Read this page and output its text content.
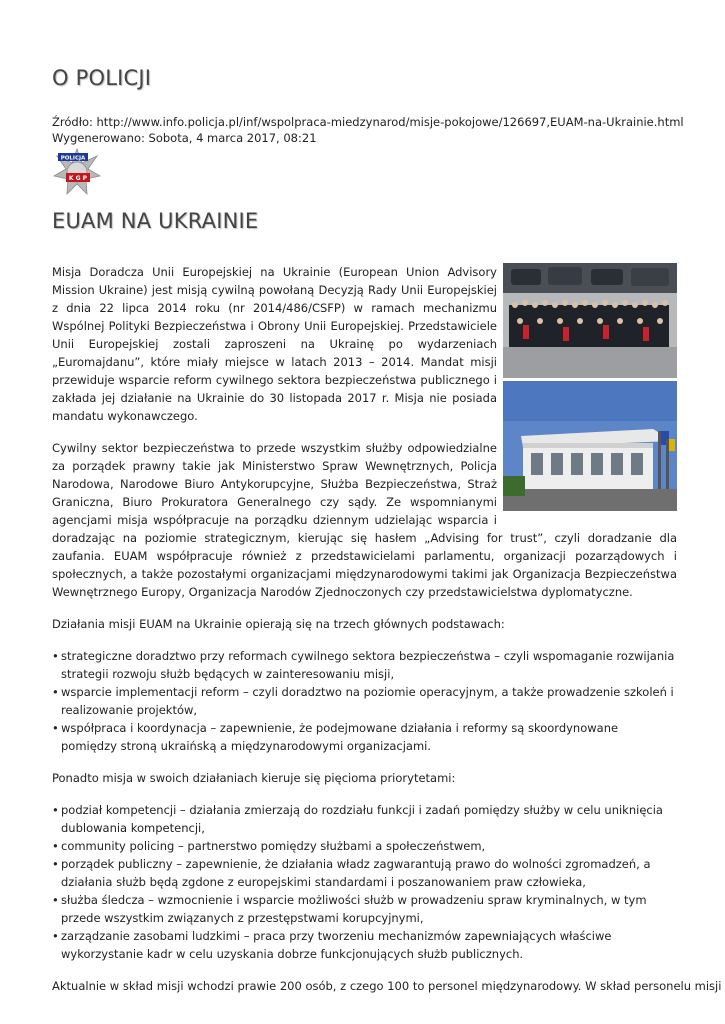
O POLICJI
Źródło: http://www.info.policja.pl/inf/wspolpraca-miedzynarod/misje-pokojowe/126697,EUAM-na-Ukrainie.html
Wygenerowano: Sobota, 4 marca 2017, 08:21
POLICJA
K G P
EUAM NA UKRAINIE

Misja Doradcza Unii Europejskiej na Ukrainie (European Union Advisory Mission Ukraine) jest misją cywilną powołaną Decyzją Rady Unii Europejskiej z dnia 22 lipca 2014 roku (nr 2014/486/CSFP) w ramach mechanizmu Wspólnej Polityki Bezpieczeństwa i Obrony Unii Europejskiej. Przedstawiciele Unii Europejskiej zostali zaproszeni na Ukrainę po wydarzeniach „Euromajdanu”, które miały miejsce w latach 2013 – 2014. Mandat misji przewiduje wsparcie reform cywilnego sektora bezpieczeństwa publicznego i zakłada jej działanie na Ukrainie do 30 listopada 2017 r. Misja nie posiada mandatu wykonawczego.

Cywilny sektor bezpieczeństwa to przede wszystkim służby odpowiedzialne za porządek prawny takie jak Ministerstwo Spraw Wewnętrznych, Policja Narodowa, Narodowe Biuro Antykorupcyjne, Służba Bezpieczeństwa, Straż Graniczna, Biuro Prokuratora Generalnego czy sądy. Ze wspomnianymi agencjami misja współpracuje na porządku dziennym udzielając wsparcia i doradzając na poziomie strategicznym, kierując się hasłem „Advising for trust”, czyli doradzanie dla zaufania. EUAM współpracuje również z przedstawicielami parlamentu, organizacji pozarządowych i społecznych, a także pozostałymi organizacjami międzynarodowymi takimi jak Organizacja Bezpieczeństwa Wewnętrznego Europy, Organizacja Narodów Zjednoczonych czy przedstawicielstwa dyplomatyczne.

Działania misji EUAM na Ukrainie opierają się na trzech głównych podstawach:

• strategiczne doradztwo przy reformach cywilnego sektora bezpieczeństwa – czyli wspomaganie rozwijania strategii rozwoju służb będących w zainteresowaniu misji,
• wsparcie implementacji reform – czyli doradztwo na poziomie operacyjnym, a także prowadzenie szkoleń i realizowanie projektów,
• współpraca i koordynacja – zapewnienie, że podejmowane działania i reformy są skoordynowane pomiędzy stroną ukraińską a międzynarodowymi organizacjami.

Ponadto misja w swoich działaniach kieruje się pięcioma priorytetami:

• podział kompetencji – działania zmierzają do rozdziału funkcji i zadań pomiędzy służby w celu uniknięcia dublowania kompetencji,
• community policing – partnerstwo pomiędzy służbami a społeczeństwem,
• porządek publiczny – zapewnienie, że działania władz zagwarantują prawo do wolności zgromadzeń, a działania służb będą zgdone z europejskimi standardami i poszanowaniem praw człowieka,
• służba śledcza – wzmocnienie i wsparcie możliwości służb w prowadzeniu spraw kryminalnych, w tym przede wszystkim związanych z przestępstwami korupcyjnymi,
• zarządzanie zasobami ludzkimi – praca przy tworzeniu mechanizmów zapewniających właściwe wykorzystanie kadr w celu uzyskania dobrze funkcjonujących służb publicznych.

Aktualnie w skład misji wchodzi prawie 200 osób, z czego 100 to personel międzynarodowy. W skład personelu misji
